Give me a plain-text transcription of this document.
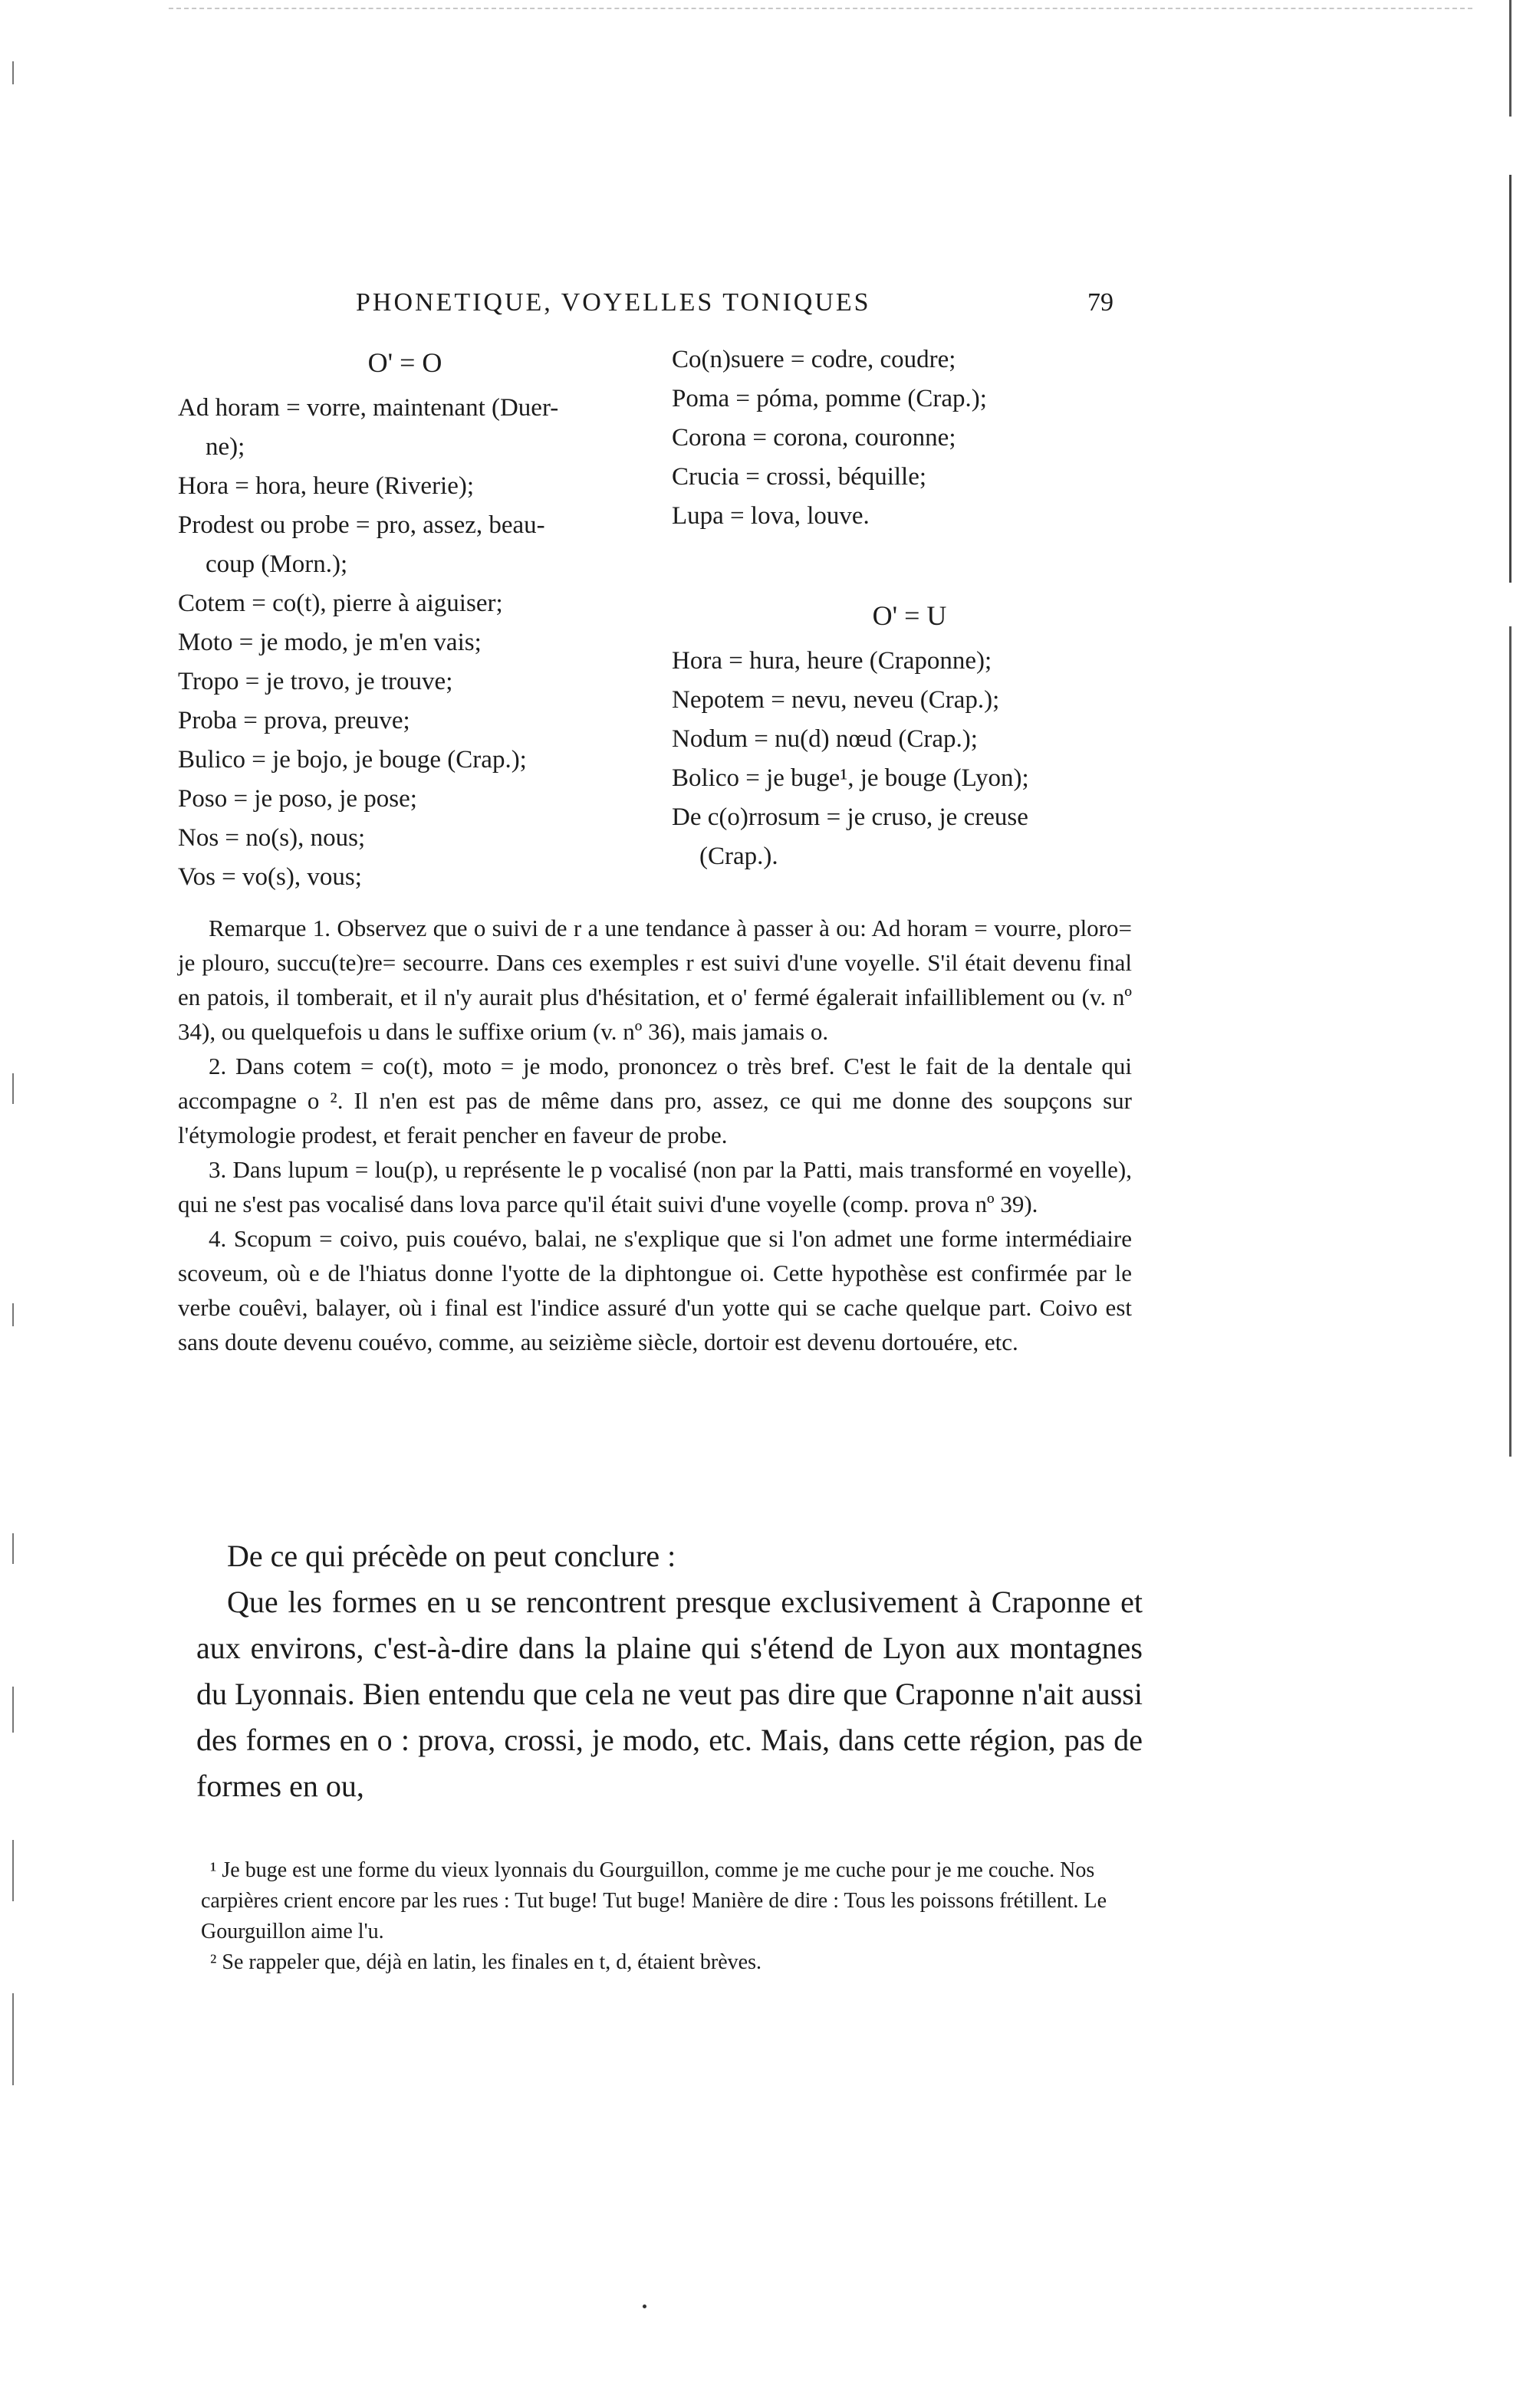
PHONETIQUE, VOYELLES TONIQUES	79
O' = O

Ad horam = vorre, maintenant (Duer-

ne);

Hora = hora, heure (Riverie);

Prodest ou probe = pro, assez, beau-

coup (Morn.);

Cotem = co(t), pierre à aiguiser;

Moto = je modo, je m'en vais;

Tropo = je trovo, je trouve;

Proba = prova, preuve;

Bulico = je bojo, je bouge (Crap.);

Poso = je poso, je pose;

Nos = no(s), nous;

Vos = vo(s), vous;

Co(n)suere = codre, coudre;

Poma = póma, pomme (Crap.);

Corona = corona, couronne;

Crucia = crossi, béquille;

Lupa = lova, louve.

O' = U

Hora = hura, heure (Craponne);

Nepotem = nevu, neveu (Crap.);

Nodum = nu(d) nœud (Crap.);

Bolico = je buge¹, je bouge (Lyon);

De c(o)rrosum = je cruso, je creuse

(Crap.).

Remarque 1. Observez que o suivi de r a une tendance à passer à ou: Ad horam = vourre, ploro= je plouro, succu(te)re= secourre. Dans ces exemples r est suivi d'une voyelle. S'il était devenu final en patois, il tomberait, et il n'y aurait plus d'hésitation, et o' fermé égalerait infailliblement ou (v. nº 34), ou quelquefois u dans le suffixe orium (v. nº 36), mais jamais o.

2. Dans cotem = co(t), moto = je modo, prononcez o très bref. C'est le fait de la dentale qui accompagne o ². Il n'en est pas de même dans pro, assez, ce qui me donne des soupçons sur l'étymologie prodest, et ferait pencher en faveur de probe.

3. Dans lupum = lou(p), u représente le p vocalisé (non par la Patti, mais transformé en voyelle), qui ne s'est pas vocalisé dans lova parce qu'il était suivi d'une voyelle (comp. prova nº 39).

4. Scopum = coivo, puis couévo, balai, ne s'explique que si l'on admet une forme intermédiaire scoveum, où e de l'hiatus donne l'yotte de la diphtongue oi. Cette hypothèse est confirmée par le verbe couêvi, balayer, où i final est l'indice assuré d'un yotte qui se cache quelque part. Coivo est sans doute devenu couévo, comme, au seizième siècle, dortoir est devenu dortouére, etc.

De ce qui précède on peut conclure :

Que les formes en u se rencontrent presque exclusivement à Craponne et aux environs, c'est-à-dire dans la plaine qui s'étend de Lyon aux montagnes du Lyonnais. Bien entendu que cela ne veut pas dire que Craponne n'ait aussi des formes en o : prova, crossi, je modo, etc. Mais, dans cette région, pas de formes en ou,

¹ Je buge est une forme du vieux lyonnais du Gourguillon, comme je me cuche pour je me couche. Nos carpières crient encore par les rues : Tut buge! Tut buge! Manière de dire : Tous les poissons frétillent. Le Gourguillon aime l'u.

² Se rappeler que, déjà en latin, les finales en t, d, étaient brèves.
